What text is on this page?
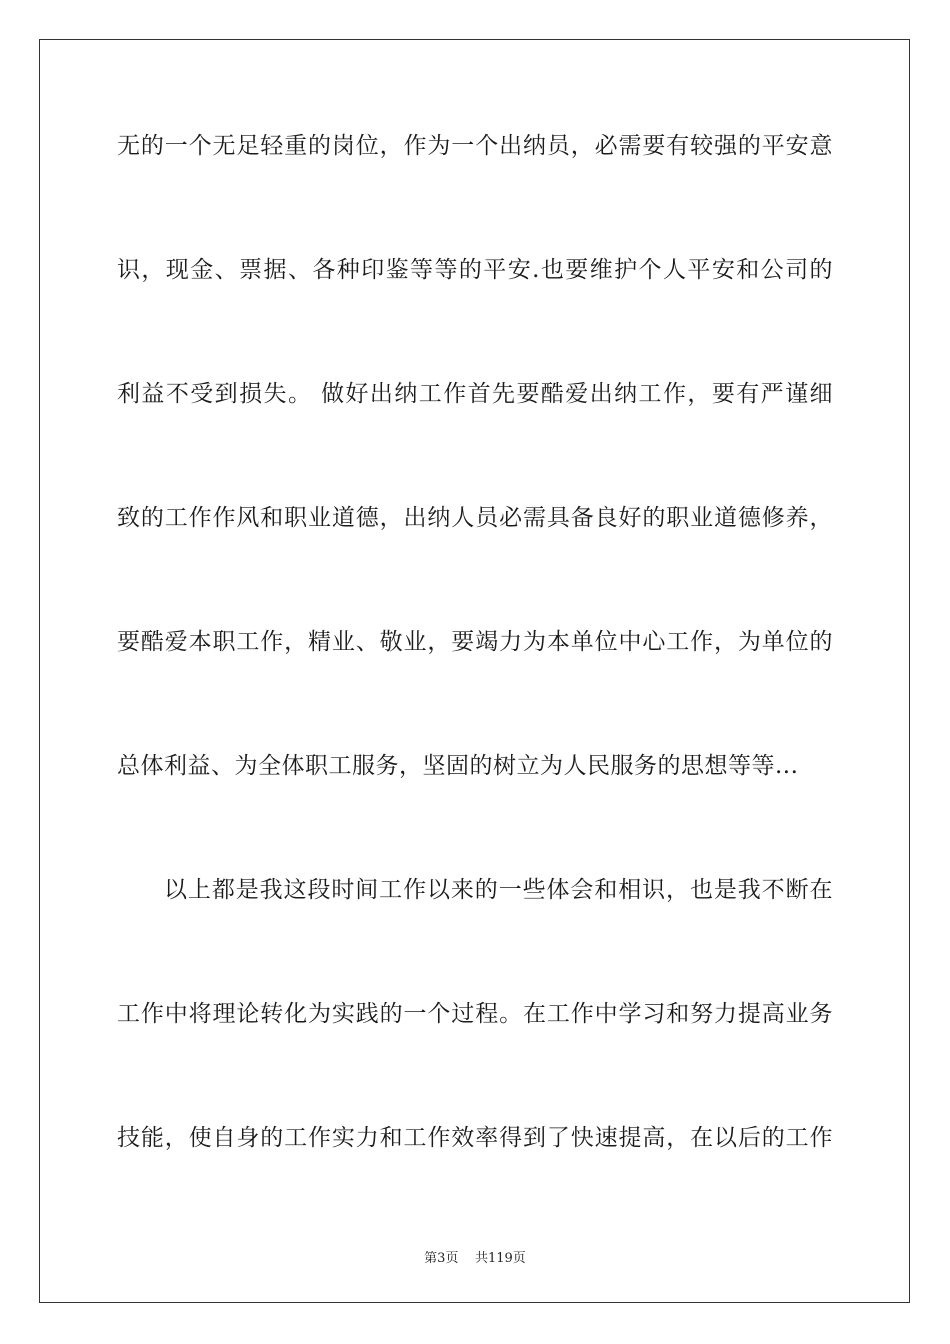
无的一个无足轻重的岗位，作为一个出纳员，必需要有较强的平安意
识，现金、票据、各种印鉴等等的平安.也要维护个人平安和公司的
利益不受到损失。 做好出纳工作首先要酷爱出纳工作，要有严谨细
致的工作作风和职业道德，出纳人员必需具备良好的职业道德修养，
要酷爱本职工作，精业、敬业，要竭力为本单位中心工作，为单位的
总体利益、为全体职工服务，坚固的树立为人民服务的思想等等...
以上都是我这段时间工作以来的一些体会和相识，也是我不断在
工作中将理论转化为实践的一个过程。在工作中学习和努力提高业务
技能，使自身的工作实力和工作效率得到了快速提高，在以后的工作
第3页 共119页
